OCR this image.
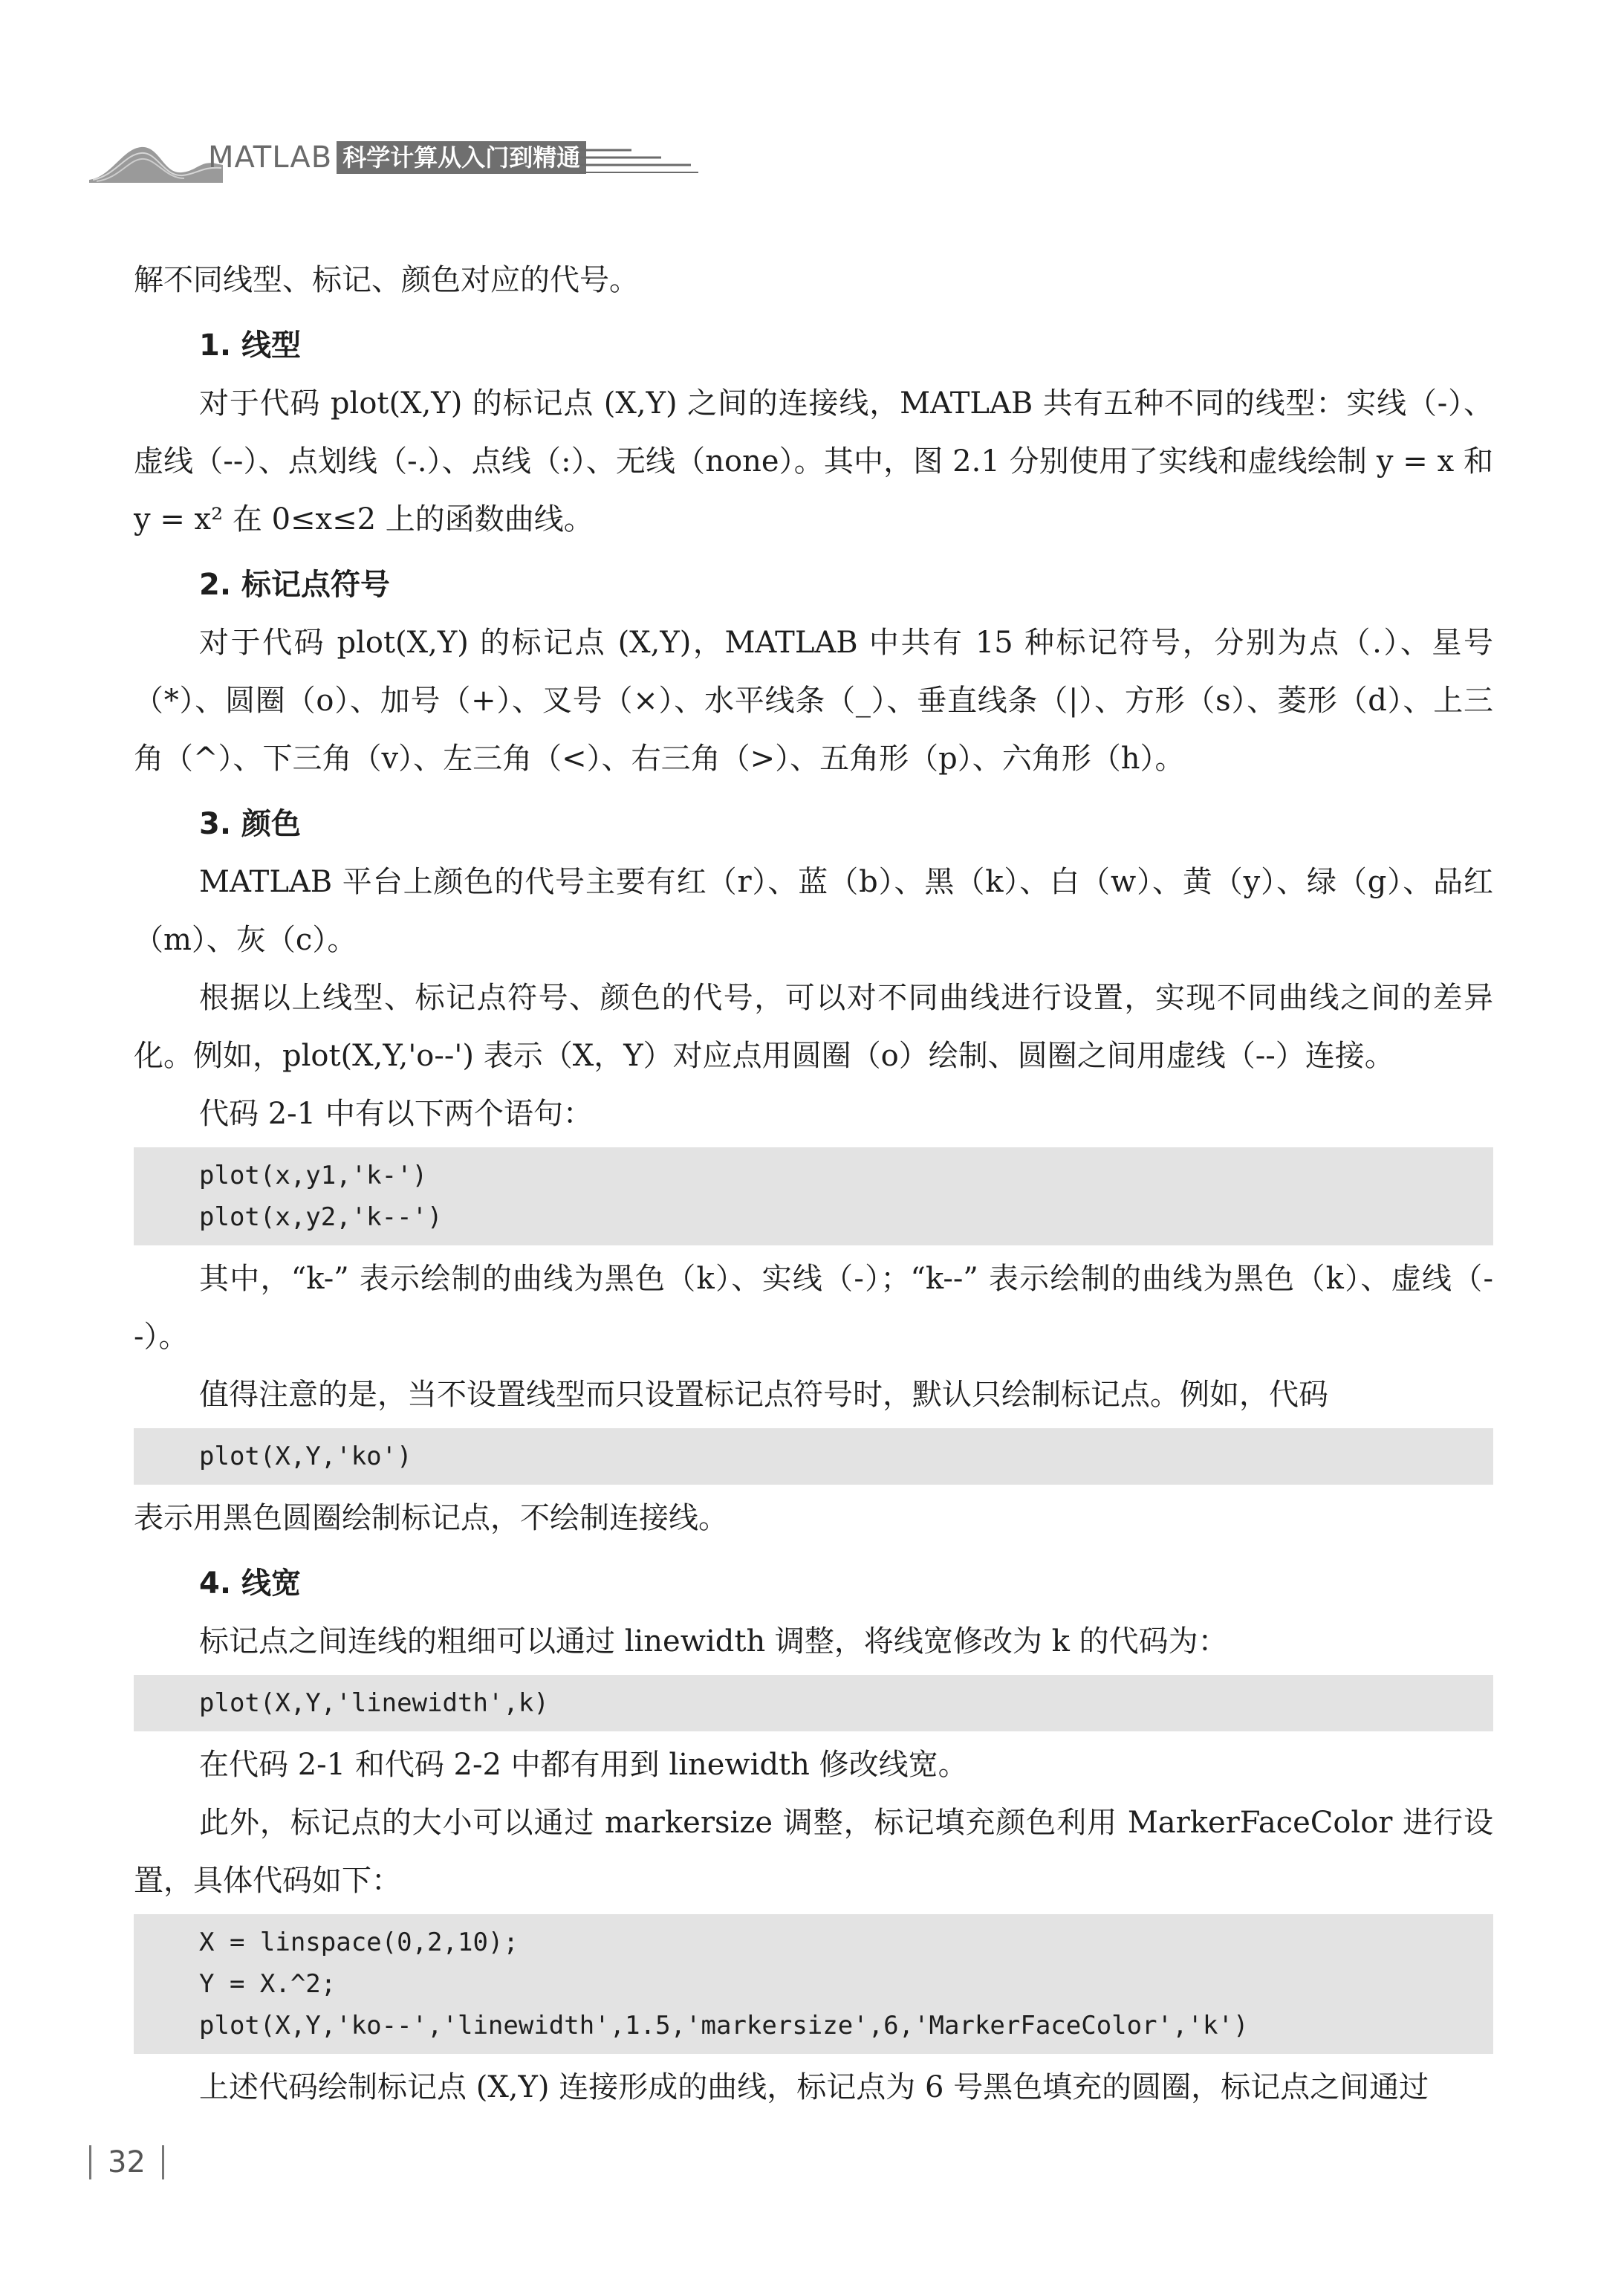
MATLAB 科学计算从入门到精通

解不同线型、标记、颜色对应的代号。

1. 线型

对于代码 plot(X,Y) 的标记点 (X,Y) 之间的连接线，MATLAB 共有五种不同的线型：实线（-）、虚线（--）、点划线（-.）、点线（:）、无线（none）。其中，图 2.1 分别使用了实线和虚线绘制 y = x 和 y = x² 在 0≤x≤2 上的函数曲线。

2. 标记点符号

对于代码 plot(X,Y) 的标记点 (X,Y)，MATLAB 中共有 15 种标记符号，分别为点（.）、星号（*）、圆圈（o）、加号（+）、叉号（×）、水平线条（_）、垂直线条（|）、方形（s）、菱形（d）、上三角（^）、下三角（v）、左三角（<）、右三角（>）、五角形（p）、六角形（h）。

3. 颜色

MATLAB 平台上颜色的代号主要有红（r）、蓝（b）、黑（k）、白（w）、黄（y）、绿（g）、品红（m）、灰（c）。

根据以上线型、标记点符号、颜色的代号，可以对不同曲线进行设置，实现不同曲线之间的差异化。例如，plot(X,Y,'o--') 表示（X，Y）对应点用圆圈（o）绘制、圆圈之间用虚线（--）连接。

代码 2-1 中有以下两个语句：

plot(x,y1,'k-')
plot(x,y2,'k--')

其中，“k-” 表示绘制的曲线为黑色（k）、实线（-）；“k--” 表示绘制的曲线为黑色（k）、虚线（--）。

值得注意的是，当不设置线型而只设置标记点符号时，默认只绘制标记点。例如，代码

plot(X,Y,'ko')

表示用黑色圆圈绘制标记点，不绘制连接线。

4. 线宽

标记点之间连线的粗细可以通过 linewidth 调整，将线宽修改为 k 的代码为：

plot(X,Y,'linewidth',k)

在代码 2-1 和代码 2-2 中都有用到 linewidth 修改线宽。

此外，标记点的大小可以通过 markersize 调整，标记填充颜色利用 MarkerFaceColor 进行设置，具体代码如下：

X = linspace(0,2,10);
Y = X.^2;
plot(X,Y,'ko--','linewidth',1.5,'markersize',6,'MarkerFaceColor','k')

上述代码绘制标记点 (X,Y) 连接形成的曲线，标记点为 6 号黑色填充的圆圈，标记点之间通过

32
